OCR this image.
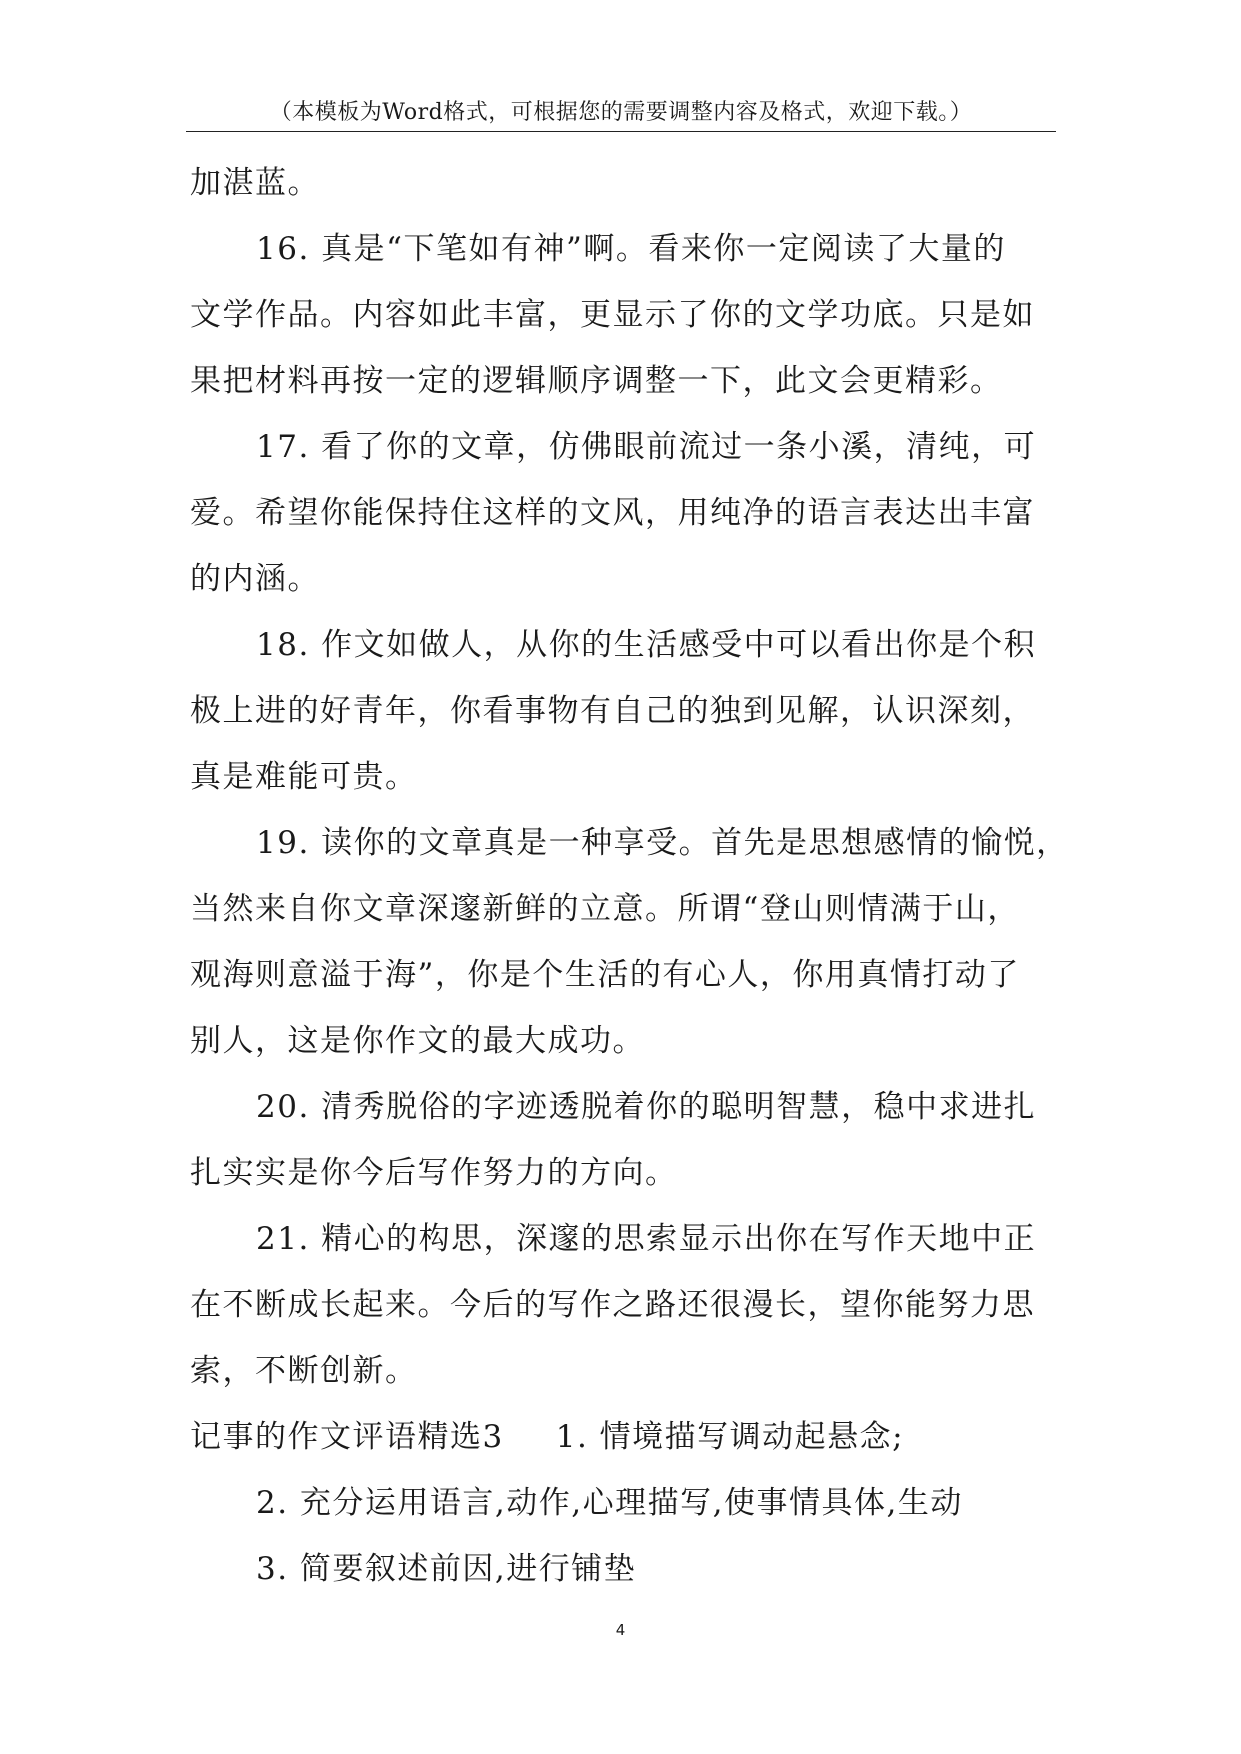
（本模板为Word格式，可根据您的需要调整内容及格式，欢迎下载。）
加湛蓝。
16. 真是“下笔如有神”啊。看来你一定阅读了大量的
文学作品。内容如此丰富，更显示了你的文学功底。只是如
果把材料再按一定的逻辑顺序调整一下，此文会更精彩。
17. 看了你的文章，仿佛眼前流过一条小溪，清纯，可
爱。希望你能保持住这样的文风，用纯净的语言表达出丰富
的内涵。
18. 作文如做人，从你的生活感受中可以看出你是个积
极上进的好青年，你看事物有自己的独到见解，认识深刻，
真是难能可贵。
19. 读你的文章真是一种享受。首先是思想感情的愉悦，
当然来自你文章深邃新鲜的立意。所谓“登山则情满于山，
观海则意溢于海”，你是个生活的有心人，你用真情打动了
别人，这是你作文的最大成功。
20. 清秀脱俗的字迹透脱着你的聪明智慧，稳中求进扎
扎实实是你今后写作努力的方向。
21. 精心的构思，深邃的思索显示出你在写作天地中正
在不断成长起来。今后的写作之路还很漫长，望你能努力思
索，不断创新。
记事的作文评语精选3 1. 情境描写调动起悬念;
2. 充分运用语言,动作,心理描写,使事情具体,生动
3. 简要叙述前因,进行铺垫
4
